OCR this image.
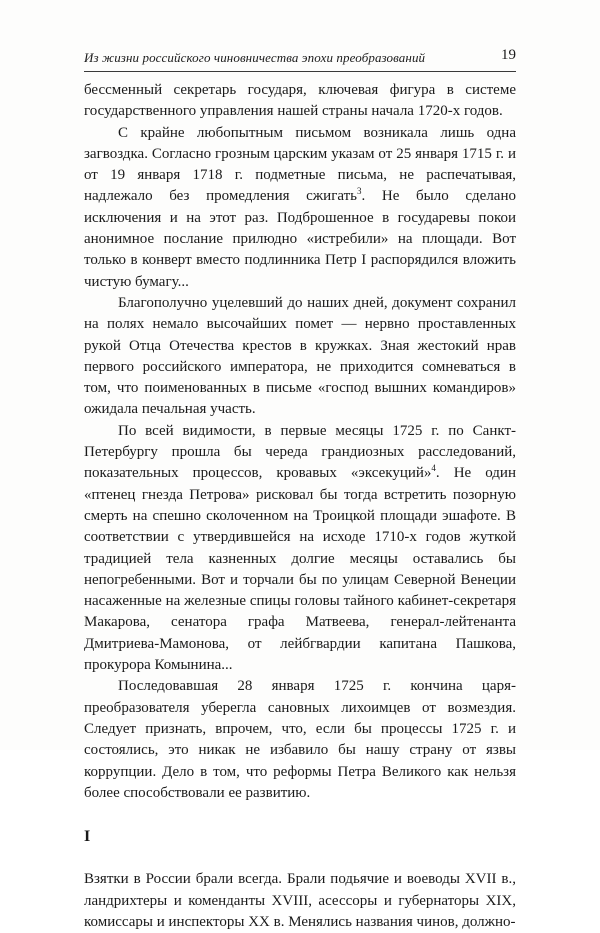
Из жизни российского чиновничества эпохи преобразований	19

бессменный секретарь государя, ключевая фигура в системе государственного управления нашей страны начала 1720-х годов.

С крайне любопытным письмом возникала лишь одна загвоздка. Согласно грозным царским указам от 25 января 1715 г. и от 19 января 1718 г. подметные письма, не распечатывая, надлежало без промедления сжигать$^3$. Не было сделано исключения и на этот раз. Подброшенное в государевы покои анонимное послание прилюдно «истребили» на площади. Вот только в конверт вместо подлинника Петр I распорядился вложить чистую бумагу...

Благополучно уцелевший до наших дней, документ сохранил на полях немало высочайших помет — нервно проставленных рукой Отца Отечества крестов в кружках. Зная жестокий нрав первого российского императора, не приходится сомневаться в том, что поименованных в письме «господ вышних командиров» ожидала печальная участь.

По всей видимости, в первые месяцы 1725 г. по Санкт-Петербургу прошла бы череда грандиозных расследований, показательных процессов, кровавых «эксекуций»$^4$. Не один «птенец гнезда Петрова» рисковал бы тогда встретить позорную смерть на спешно сколоченном на Троицкой площади эшафоте. В соответствии с утвердившейся на исходе 1710-х годов жуткой традицией тела казненных долгие месяцы оставались бы непогребенными. Вот и торчали бы по улицам Северной Венеции насаженные на железные спицы головы тайного кабинет-секретаря Макарова, сенатора графа Матвеева, генерал-лейтенанта Дмитриева-Мамонова, от лейбгвардии капитана Пашкова, прокурора Комынина...

Последовавшая 28 января 1725 г. кончина царя-преобразователя уберегла сановных лихоимцев от возмездия. Следует признать, впрочем, что, если бы процессы 1725 г. и состоялись, это никак не избавило бы нашу страну от язвы коррупции. Дело в том, что реформы Петра Великого как нельзя более способствовали ее развитию.

I

Взятки в России брали всегда. Брали подьячие и воеводы XVII в., ландрихтеры и коменданты XVIII, асессоры и губернаторы XIX, комиссары и инспекторы XX в. Менялись названия чинов, должно-
